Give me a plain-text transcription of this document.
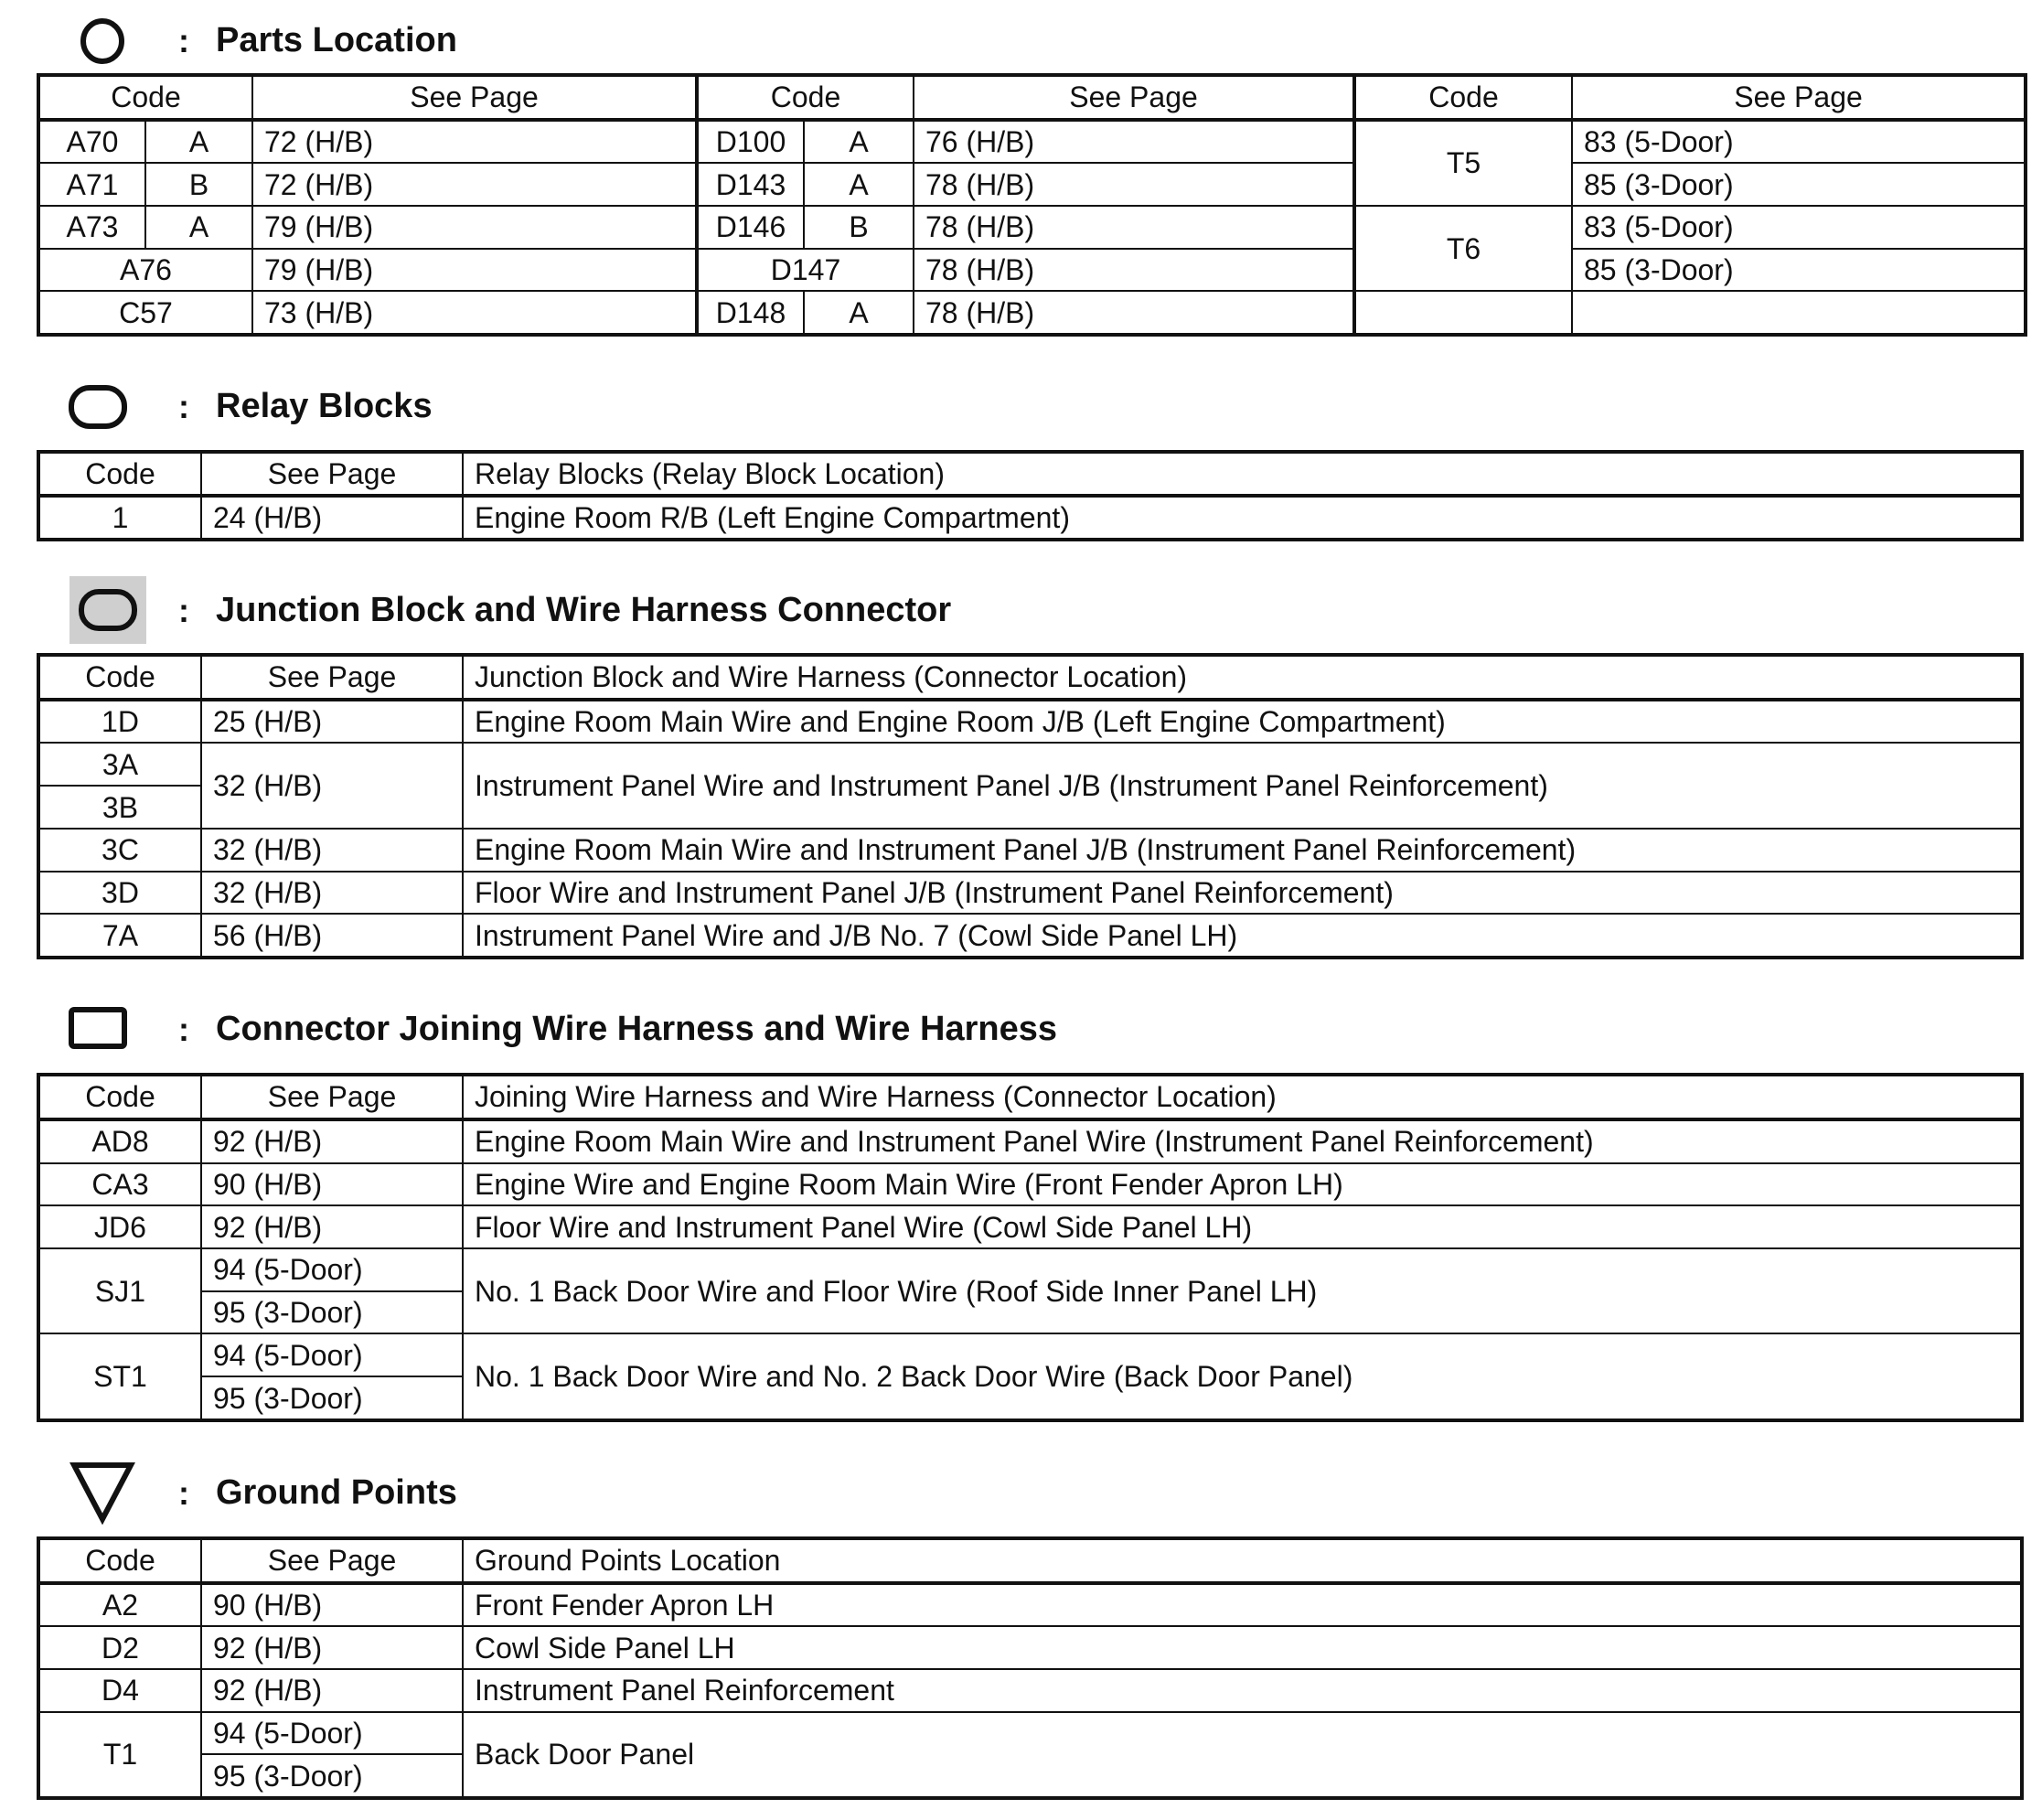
: Parts Location
Code		See Page	Code		See Page	Code	See Page
A70	A	72 (H/B)	D100	A	76 (H/B)	T5	83 (5-Door)
A71	B	72 (H/B)	D143	A	78 (H/B)		85 (3-Door)
A73	A	79 (H/B)	D146	B	78 (H/B)	T6	83 (5-Door)
A76		79 (H/B)	D147		78 (H/B)		85 (3-Door)
C57		73 (H/B)	D148	A	78 (H/B)		
: Relay Blocks
Code	See Page	Relay Blocks (Relay Block Location)
1	24 (H/B)	Engine Room R/B (Left Engine Compartment)
: Junction Block and Wire Harness Connector
Code	See Page	Junction Block and Wire Harness (Connector Location)
1D	25 (H/B)	Engine Room Main Wire and Engine Room J/B (Left Engine Compartment)
3A	32 (H/B)	Instrument Panel Wire and Instrument Panel J/B (Instrument Panel Reinforcement)
3B		
3C	32 (H/B)	Engine Room Main Wire and Instrument Panel J/B (Instrument Panel Reinforcement)
3D	32 (H/B)	Floor Wire and Instrument Panel J/B (Instrument Panel Reinforcement)
7A	56 (H/B)	Instrument Panel Wire and J/B No. 7 (Cowl Side Panel LH)
: Connector Joining Wire Harness and Wire Harness
Code	See Page	Joining Wire Harness and Wire Harness (Connector Location)
AD8	92 (H/B)	Engine Room Main Wire and Instrument Panel Wire (Instrument Panel Reinforcement)
CA3	90 (H/B)	Engine Wire and Engine Room Main Wire (Front Fender Apron LH)
JD6	92 (H/B)	Floor Wire and Instrument Panel Wire (Cowl Side Panel LH)
SJ1	94 (5-Door)	No. 1 Back Door Wire and Floor Wire (Roof Side Inner Panel LH)
	95 (3-Door)	
ST1	94 (5-Door)	No. 1 Back Door Wire and No. 2 Back Door Wire (Back Door Panel)
	95 (3-Door)	
: Ground Points
Code	See Page	Ground Points Location
A2	90 (H/B)	Front Fender Apron LH
D2	92 (H/B)	Cowl Side Panel LH
D4	92 (H/B)	Instrument Panel Reinforcement
T1	94 (5-Door)	Back Door Panel
	95 (3-Door)	
